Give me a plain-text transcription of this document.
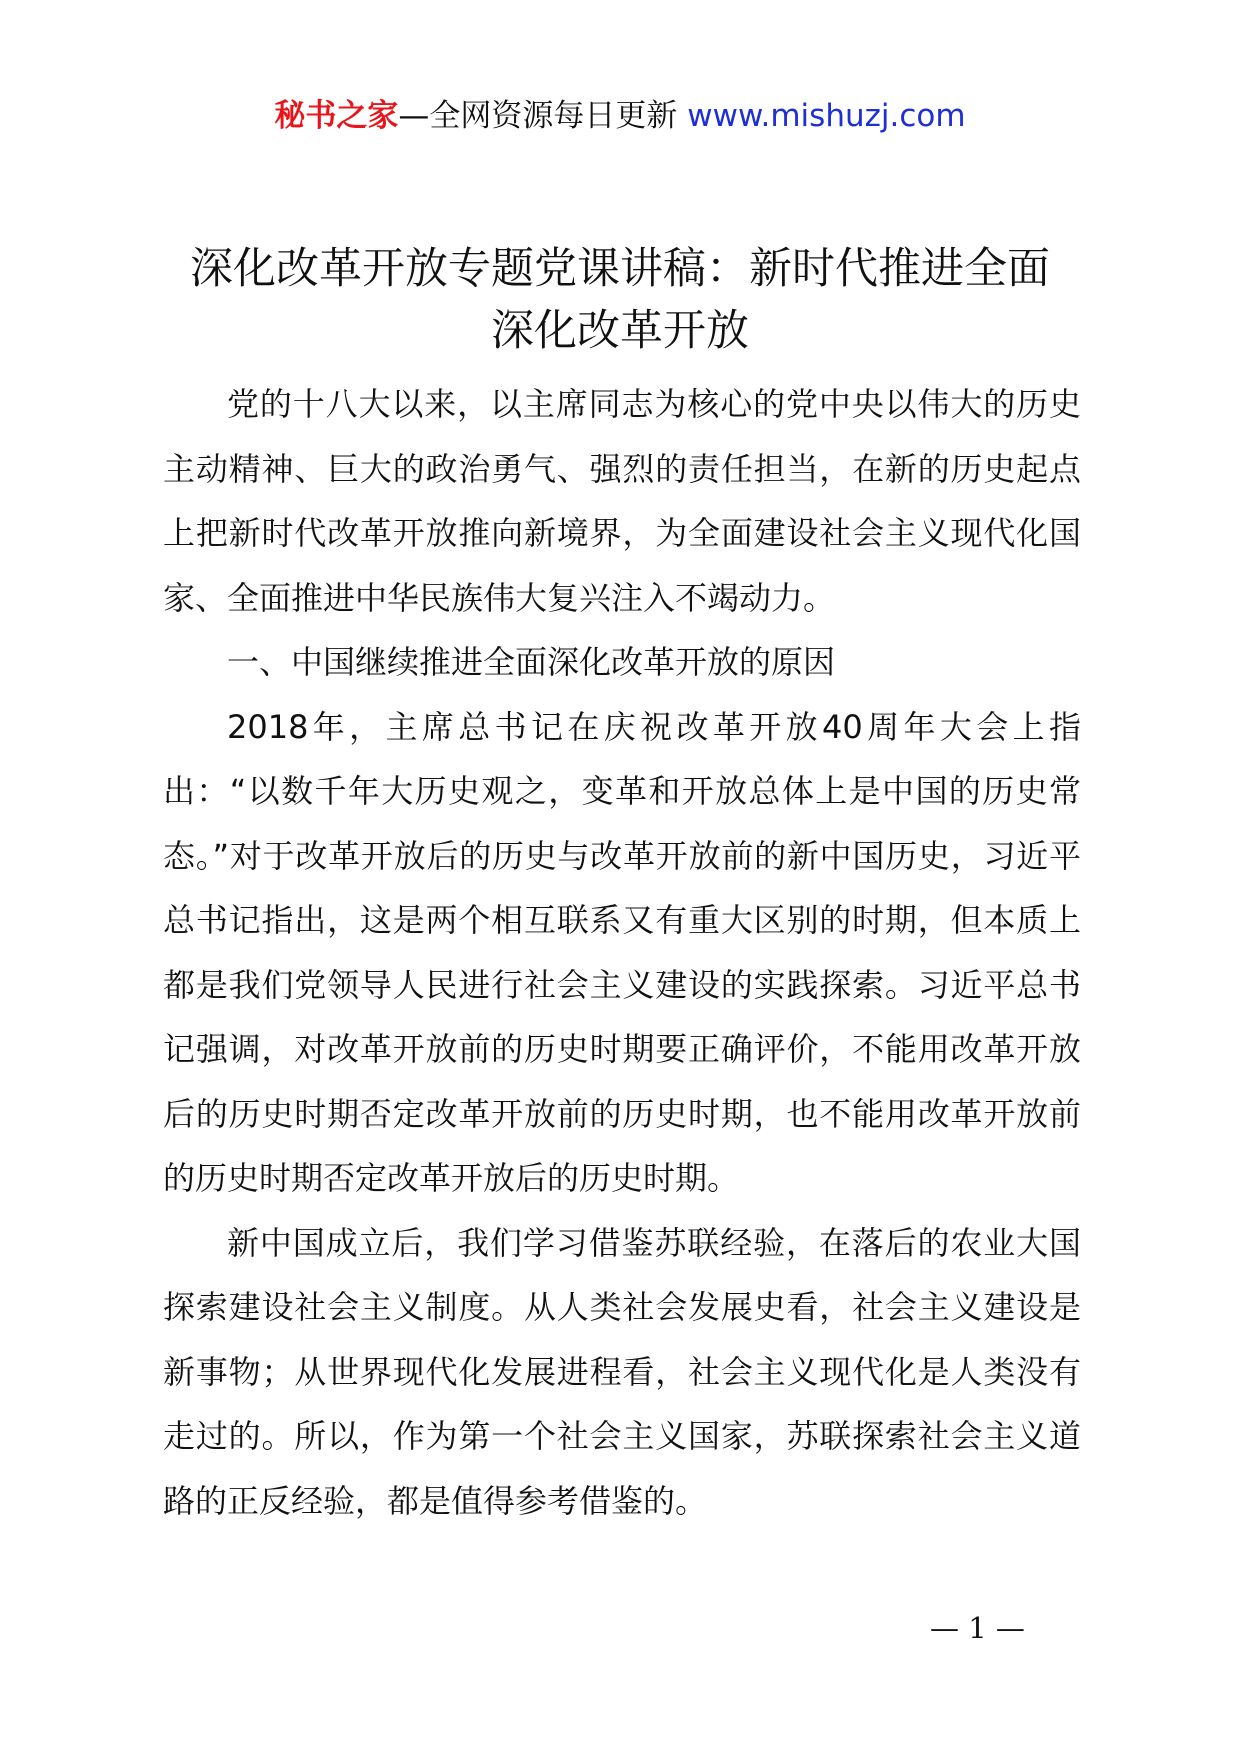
秘书之家—全网资源每日更新 www.mishuzj.com
深化改革开放专题党课讲稿：新时代推进全面
深化改革开放

党的十八大以来，以主席同志为核心的党中央以伟大的历史主动精神、巨大的政治勇气、强烈的责任担当，在新的历史起点上把新时代改革开放推向新境界，为全面建设社会主义现代化国家、全面推进中华民族伟大复兴注入不竭动力。

一、中国继续推进全面深化改革开放的原因

2018年，主席总书记在庆祝改革开放40周年大会上指出：“以数千年大历史观之，变革和开放总体上是中国的历史常态。”对于改革开放后的历史与改革开放前的新中国历史，习近平总书记指出，这是两个相互联系又有重大区别的时期，但本质上都是我们党领导人民进行社会主义建设的实践探索。习近平总书记强调，对改革开放前的历史时期要正确评价，不能用改革开放后的历史时期否定改革开放前的历史时期，也不能用改革开放前的历史时期否定改革开放后的历史时期。

新中国成立后，我们学习借鉴苏联经验，在落后的农业大国探索建设社会主义制度。从人类社会发展史看，社会主义建设是新事物；从世界现代化发展进程看，社会主义现代化是人类没有走过的。所以，作为第一个社会主义国家，苏联探索社会主义道路的正反经验，都是值得参考借鉴的。

— 1 —
